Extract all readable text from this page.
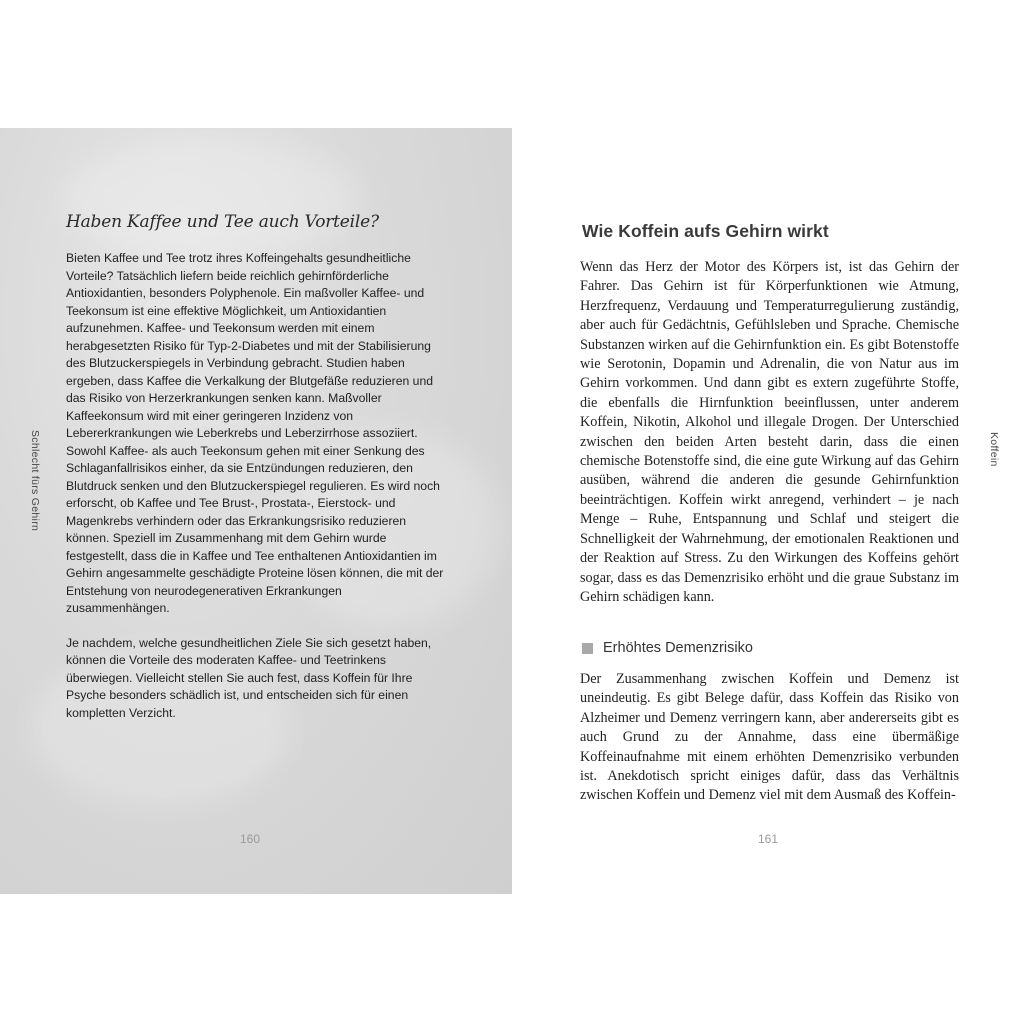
Haben Kaffee und Tee auch Vorteile?

Bieten Kaffee und Tee trotz ihres Koffeingehalts gesundheitliche Vorteile? Tatsächlich liefern beide reichlich gehirnförderliche Antioxidantien, besonders Polyphenole. Ein maßvoller Kaffee- und Teekonsum ist eine effektive Möglichkeit, um Antioxidantien aufzunehmen. Kaffee- und Teekonsum werden mit einem herabgesetzten Risiko für Typ-2-Diabetes und mit der Stabilisierung des Blutzuckerspiegels in Verbindung gebracht. Studien haben ergeben, dass Kaffee die Verkalkung der Blutgefäße reduzieren und das Risiko von Herzerkrankungen senken kann. Maßvoller Kaffeekonsum wird mit einer geringeren Inzidenz von Lebererkrankungen wie Leberkrebs und Leberzirrhose assoziiert. Sowohl Kaffee- als auch Teekonsum gehen mit einer Senkung des Schlaganfallrisikos einher, da sie Entzündungen reduzieren, den Blutdruck senken und den Blutzuckerspiegel regulieren. Es wird noch erforscht, ob Kaffee und Tee Brust-, Prostata-, Eierstock- und Magenkrebs verhindern oder das Erkrankungsrisiko reduzieren können. Speziell im Zusammenhang mit dem Gehirn wurde festgestellt, dass die in Kaffee und Tee enthaltenen Antioxidantien im Gehirn angesammelte geschädigte Proteine lösen können, die mit der Entstehung von neurodegenerativen Erkrankungen zusammenhängen.

Je nachdem, welche gesundheitlichen Ziele Sie sich gesetzt haben, können die Vorteile des moderaten Kaffee- und Teetrinkens überwiegen. Vielleicht stellen Sie auch fest, dass Koffein für Ihre Psyche besonders schädlich ist, und entscheiden sich für einen kompletten Verzicht.

Schlecht fürs Gehirn
160
Wie Koffein aufs Gehirn wirkt

Wenn das Herz der Motor des Körpers ist, ist das Gehirn der Fahrer. Das Gehirn ist für Körperfunktionen wie Atmung, Herzfrequenz, Verdauung und Temperaturregulierung zuständig, aber auch für Gedächtnis, Gefühlsleben und Sprache. Chemische Substanzen wirken auf die Gehirnfunktion ein. Es gibt Botenstoffe wie Serotonin, Dopamin und Adrenalin, die von Natur aus im Gehirn vorkommen. Und dann gibt es extern zugeführte Stoffe, die ebenfalls die Hirnfunktion beeinflussen, unter anderem Koffein, Nikotin, Alkohol und illegale Drogen. Der Unterschied zwischen den beiden Arten besteht darin, dass die einen chemische Botenstoffe sind, die eine gute Wirkung auf das Gehirn ausüben, während die anderen die gesunde Gehirnfunktion beeinträchtigen. Koffein wirkt anregend, verhindert – je nach Menge – Ruhe, Entspannung und Schlaf und steigert die Schnelligkeit der Wahrnehmung, der emotionalen Reaktionen und der Reaktion auf Stress. Zu den Wirkungen des Koffeins gehört sogar, dass es das Demenzrisiko erhöht und die graue Substanz im Gehirn schädigen kann.

Erhöhtes Demenzrisiko

Der Zusammenhang zwischen Koffein und Demenz ist uneindeutig. Es gibt Belege dafür, dass Koffein das Risiko von Alzheimer und Demenz verringern kann, aber andererseits gibt es auch Grund zu der Annahme, dass eine übermäßige Koffeinaufnahme mit einem erhöhten Demenzrisiko verbunden ist. Anekdotisch spricht einiges dafür, dass das Verhältnis zwischen Koffein und Demenz viel mit dem Ausmaß des Koffein-

Koffein
161
